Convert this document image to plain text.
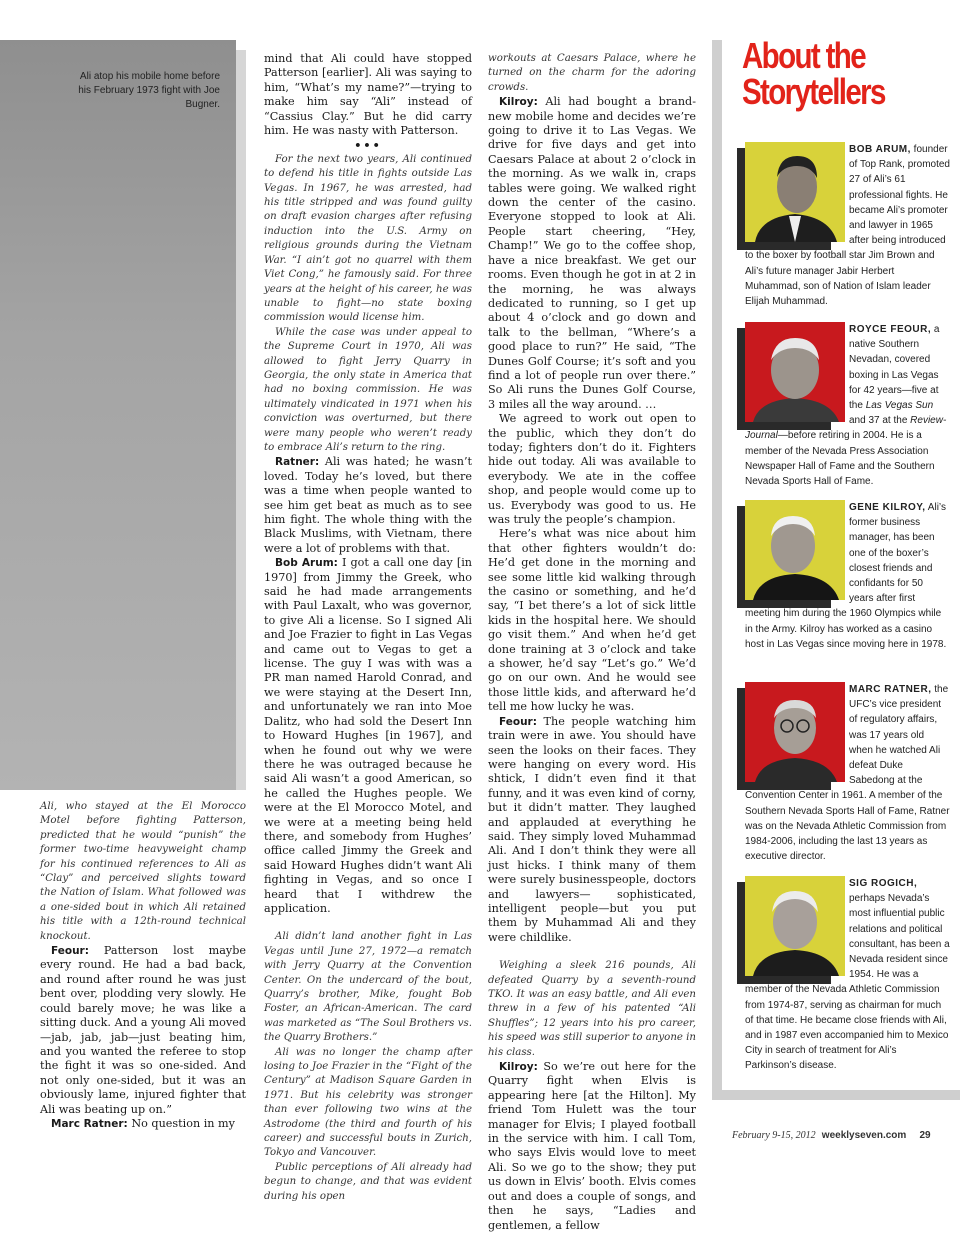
Ali atop his mobile home before his February 1973 fight with Joe Bugner.

Ali, who stayed at the El Morocco Motel before fighting Patterson, predicted that he would “punish” the former two-time heavyweight champ for his continued references to Ali as “Clay” and perceived slights toward the Nation of Islam. What followed was a one-sided bout in which Ali retained his title with a 12th-round technical knockout.

Feour: Patterson lost maybe every round. He had a bad back, and round after round he was just bent over, plodding very slowly. He could barely move; he was like a sitting duck. And a young Ali moved—jab, jab, jab—just beating him, and you wanted the referee to stop the fight it was so one-sided. And not only one-sided, but it was an obviously lame, injured fighter that Ali was beating up on.”

Marc Ratner: No question in my

mind that Ali could have stopped Patterson [earlier]. Ali was saying to him, “What’s my name?”—trying to make him say “Ali” instead of “Cassius Clay.” But he did carry him. He was nasty with Patterson.

•••

For the next two years, Ali continued to defend his title in fights outside Las Vegas. In 1967, he was arrested, had his title stripped and was found guilty on draft evasion charges after refusing induction into the U.S. Army on religious grounds during the Vietnam War. “I ain’t got no quarrel with them Viet Cong,” he famously said. For three years at the height of his career, he was unable to fight—no state boxing commission would license him.

While the case was under appeal to the Supreme Court in 1970, Ali was allowed to fight Jerry Quarry in Georgia, the only state in America that had no boxing commission. He was ultimately vindicated in 1971 when his conviction was overturned, but there were many people who weren’t ready to embrace Ali’s return to the ring.

Ratner: Ali was hated; he wasn’t loved. Today he’s loved, but there was a time when people wanted to see him get beat as much as to see him fight. The whole thing with the Black Muslims, with Vietnam, there were a lot of problems with that.

Bob Arum: I got a call one day [in 1970] from Jimmy the Greek, who said he had made arrangements with Paul Laxalt, who was governor, to give Ali a license. So I signed Ali and Joe Frazier to fight in Las Vegas and came out to Vegas to get a license. The guy I was with was a PR man named Harold Conrad, and we were staying at the Desert Inn, and unfortunately we ran into Moe Dalitz, who had sold the Desert Inn to Howard Hughes [in 1967], and when he found out why we were there he was outraged because he said Ali wasn’t a good American, so he called the Hughes people. We were at the El Morocco Motel, and we were at a meeting being held there, and somebody from Hughes’ office called Jimmy the Greek and said Howard Hughes didn’t want Ali fighting in Vegas, and so once I heard that I withdrew the application.

Ali didn’t land another fight in Las Vegas until June 27, 1972—a rematch with Jerry Quarry at the Convention Center. On the undercard of the bout, Quarry’s brother, Mike, fought Bob Foster, an African-American. The card was marketed as “The Soul Brothers vs. the Quarry Brothers.”

Ali was no longer the champ after losing to Joe Frazier in the “Fight of the Century” at Madison Square Garden in 1971. But his celebrity was stronger than ever following two wins at the Astrodome (the third and fourth of his career) and successful bouts in Zurich, Tokyo and Vancouver.

Public perceptions of Ali already had begun to change, and that was evident during his open

workouts at Caesars Palace, where he turned on the charm for the adoring crowds.

Kilroy: Ali had bought a brand-new mobile home and decides we’re going to drive it to Las Vegas. We drive for five days and get into Caesars Palace at about 2 o’clock in the morning. As we walk in, craps tables were going. We walked right down the center of the casino. Everyone stopped to look at Ali. People start cheering, “Hey, Champ!” We go to the coffee shop, have a nice breakfast. We get our rooms. Even though he got in at 2 in the morning, he was always dedicated to running, so I get up about 4 o’clock and go down and talk to the bellman, “Where’s a good place to run?” He said, “The Dunes Golf Course; it’s soft and you find a lot of people run over there.” So Ali runs the Dunes Golf Course, 3 miles all the way around. …

We agreed to work out open to the public, which they don’t do today; fighters don’t do it. Fighters hide out today. Ali was available to everybody. We ate in the coffee shop, and people would come up to us. Everybody was good to us. He was truly the people’s champion.

Here’s what was nice about him that other fighters wouldn’t do: He’d get done in the morning and see some little kid walking through the casino or something, and he’d say, “I bet there’s a lot of sick little kids in the hospital here. We should go visit them.” And when he’d get done training at 3 o’clock and take a shower, he’d say “Let’s go.” We’d go on our own. And he would see those little kids, and afterward he’d tell me how lucky he was.

Feour: The people watching him train were in awe. You should have seen the looks on their faces. They were hanging on every word. His shtick, I didn’t even find it that funny, and it was even kind of corny, but it didn’t matter. They laughed and applauded at everything he said. They simply loved Muhammad Ali. And I don’t think they were all just hicks. I think many of them were surely businesspeople, doctors and lawyers— sophisticated, intelligent people—but you put them by Muhammad Ali and they were childlike.

Weighing a sleek 216 pounds, Ali defeated Quarry by a seventh-round TKO. It was an easy battle, and Ali even threw in a few of his patented “Ali Shuffles”; 12 years into his pro career, his speed was still superior to anyone in his class.

Kilroy: So we’re out here for the Quarry fight when Elvis is appearing here [at the Hilton]. My friend Tom Hulett was the tour manager for Elvis; I played football in the service with him. I call Tom, who says Elvis would love to meet Ali. So we go to the show; they put us down in Elvis’ booth. Elvis comes out and does a couple of songs, and then he says, “Ladies and gentlemen, a fellow

About the
Storytellers
BOB ARUM, founder of Top Rank, promoted 27 of Ali’s 61 professional fights. He became Ali’s promoter and lawyer in 1965 after being introduced to the boxer by football star Jim Brown and Ali’s future manager Jabir Herbert Muhammad, son of Nation of Islam leader Elijah Muhammad.
ROYCE FEOUR, a native Southern Nevadan, covered boxing in Las Vegas for 42 years—five at the Las Vegas Sun and 37 at the Review-Journal—before retiring in 2004. He is a member of the Nevada Press Association Newspaper Hall of Fame and the Southern Nevada Sports Hall of Fame.
GENE KILROY, Ali’s former business manager, has been one of the boxer’s closest friends and confidants for 50 years after first meeting him during the 1960 Olympics while in the Army. Kilroy has worked as a casino host in Las Vegas since moving here in 1978.
MARC RATNER, the UFC’s vice president of regulatory affairs, was 17 years old when he watched Ali defeat Duke Sabedong at the Convention Center in 1961. A member of the Southern Nevada Sports Hall of Fame, Ratner was on the Nevada Athletic Commission from 1984-2006, including the last 13 years as executive director.
SIG ROGICH, perhaps Nevada’s most influential public relations and political consultant, has been a Nevada resident since 1954. He was a member of the Nevada Athletic Commission from 1974-87, serving as chairman for much of that time. He became close friends with Ali, and in 1987 even accompanied him to Mexico City in search of treatment for Ali’s Parkinson’s disease.
February 9-15, 2012 weeklyseven.com 29
